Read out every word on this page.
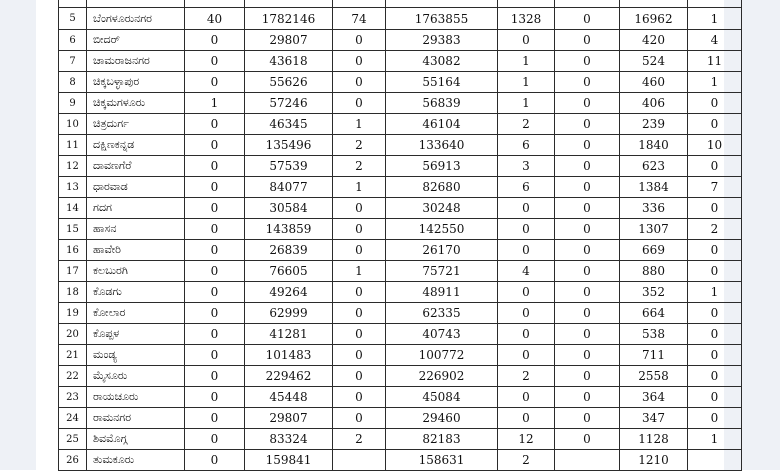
5	ಬೆಂಗಳೂರುನಗರ	40	1782146	74	1763855	1328	0	16962	1
6	ಬೀದರ್	0	29807	0	29383	0	0	420	4
7	ಚಾಮರಾಜನಗರ	0	43618	0	43082	1	0	524	11
8	ಚಿಕ್ಕಬಳ್ಳಾಪುರ	0	55626	0	55164	1	0	460	1
9	ಚಿಕ್ಕಮಗಳೂರು	1	57246	0	56839	1	0	406	0
10	ಚಿತ್ರದುರ್ಗ	0	46345	1	46104	2	0	239	0
11	ದಕ್ಷಿಣಕನ್ನಡ	0	135496	2	133640	6	0	1840	10
12	ದಾವಣಗೆರೆ	0	57539	2	56913	3	0	623	0
13	ಧಾರವಾಡ	0	84077	1	82680	6	0	1384	7
14	ಗದಗ	0	30584	0	30248	0	0	336	0
15	ಹಾಸನ	0	143859	0	142550	0	0	1307	2
16	ಹಾವೇರಿ	0	26839	0	26170	0	0	669	0
17	ಕಲಬುರಗಿ	0	76605	1	75721	4	0	880	0
18	ಕೊಡಗು	0	49264	0	48911	0	0	352	1
19	ಕೋಲಾರ	0	62999	0	62335	0	0	664	0
20	ಕೊಪ್ಪಳ	0	41281	0	40743	0	0	538	0
21	ಮಂಡ್ಯ	0	101483	0	100772	0	0	711	0
22	ಮೈಸೂರು	0	229462	0	226902	2	0	2558	0
23	ರಾಯಚೂರು	0	45448	0	45084	0	0	364	0
24	ರಾಮನಗರ	0	29807	0	29460	0	0	347	0
25	ಶಿವಮೊಗ್ಗ	0	83324	2	82183	12	0	1128	1
26	ತುಮಕೂರು	0	159841		158631	2		1210	
